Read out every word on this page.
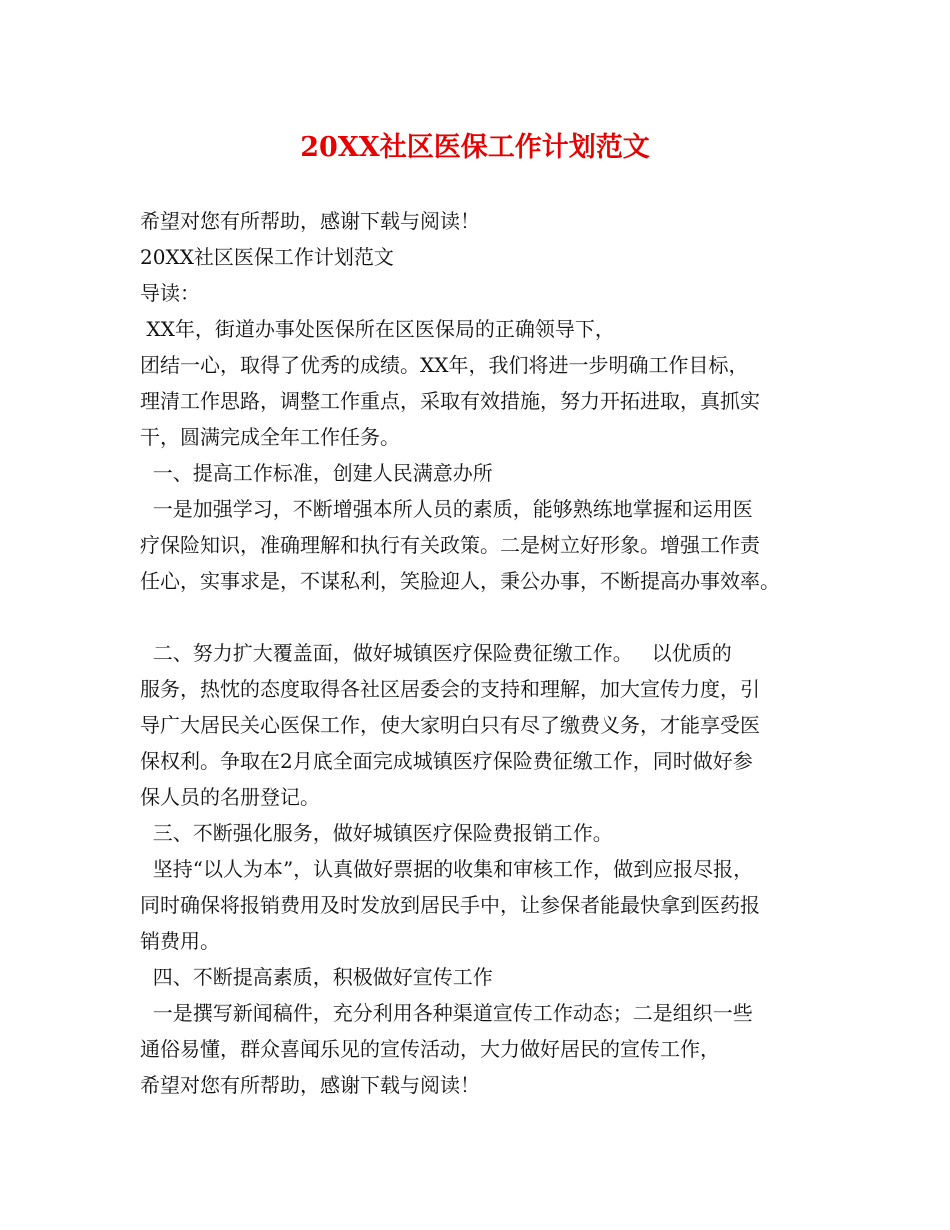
20XX社区医保工作计划范文
希望对您有所帮助，感谢下载与阅读！
20XX社区医保工作计划范文
导读：
XX年，街道办事处医保所在区医保局的正确领导下，
团结一心，取得了优秀的成绩。XX年，我们将进一步明确工作目标，
理清工作思路，调整工作重点，采取有效措施，努力开拓进取，真抓实
干，圆满完成全年工作任务。
一、提高工作标准，创建人民满意办所
一是加强学习，不断增强本所人员的素质，能够熟练地掌握和运用医
疗保险知识，准确理解和执行有关政策。二是树立好形象。增强工作责
任心，实事求是，不谋私利，笑脸迎人，秉公办事，不断提高办事效率。
二、努力扩大覆盖面，做好城镇医疗保险费征缴工作。   以优质的
服务，热忱的态度取得各社区居委会的支持和理解，加大宣传力度，引
导广大居民关心医保工作，使大家明白只有尽了缴费义务，才能享受医
保权利。争取在2月底全面完成城镇医疗保险费征缴工作，同时做好参
保人员的名册登记。
三、不断强化服务，做好城镇医疗保险费报销工作。
坚持“以人为本”，认真做好票据的收集和审核工作，做到应报尽报，
同时确保将报销费用及时发放到居民手中，让参保者能最快拿到医药报
销费用。
四、不断提高素质，积极做好宣传工作
一是撰写新闻稿件，充分利用各种渠道宣传工作动态；二是组织一些
通俗易懂，群众喜闻乐见的宣传活动，大力做好居民的宣传工作，
希望对您有所帮助，感谢下载与阅读！
